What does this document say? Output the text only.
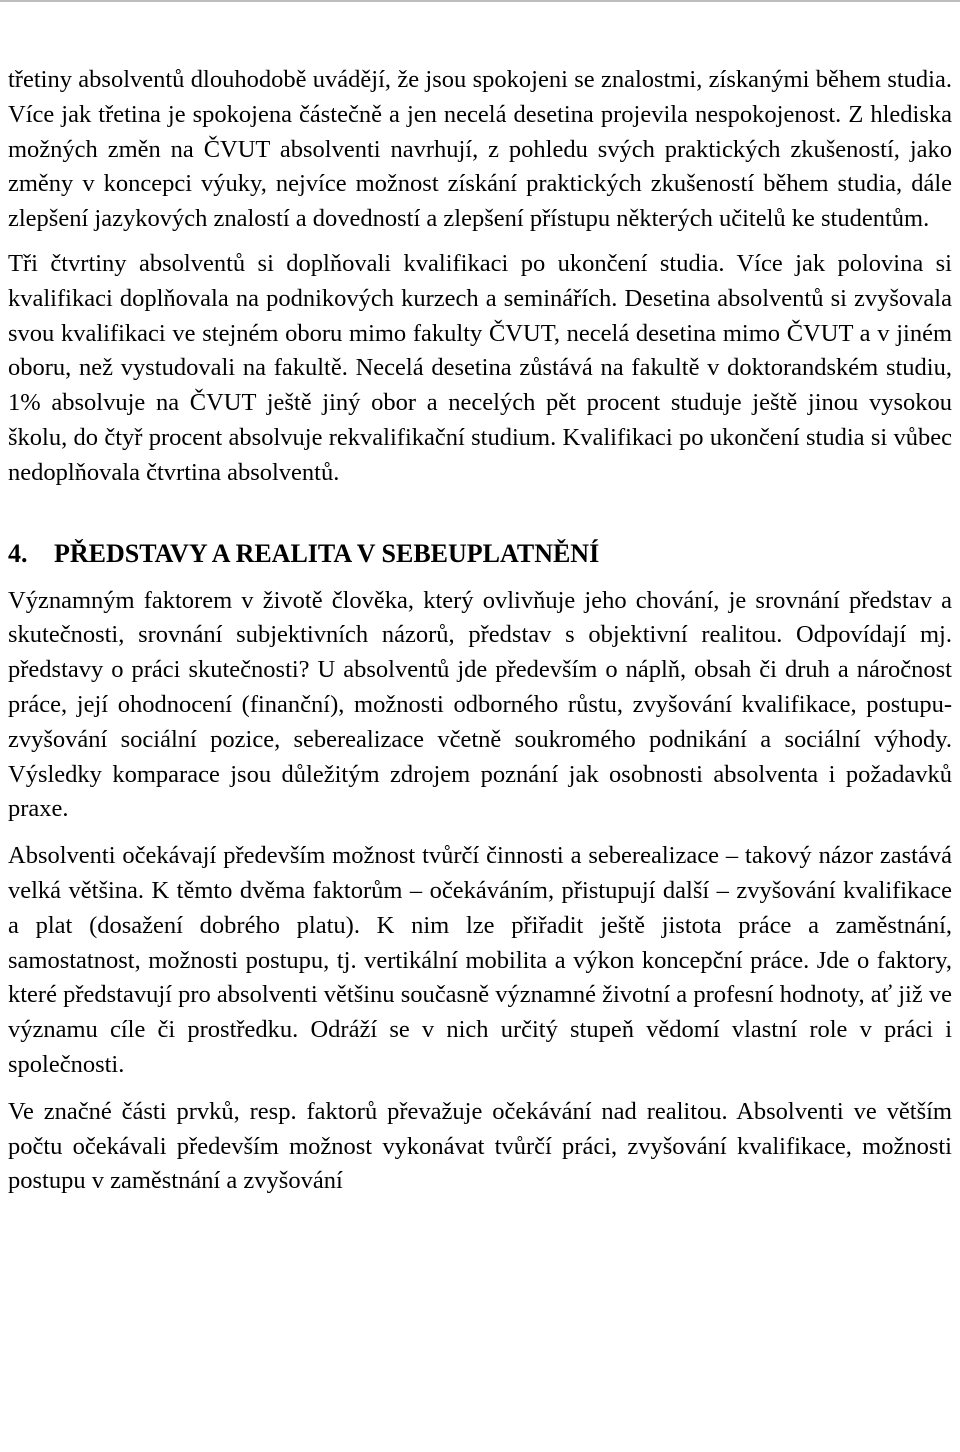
třetiny absolventů dlouhodobě uvádějí, že jsou spokojeni se znalostmi, získanými během studia. Více jak třetina je spokojena částečně a jen necelá desetina projevila nespokojenost. Z hlediska možných změn na ČVUT absolventi navrhují, z pohledu svých praktických zkušeností, jako změny v koncepci výuky, nejvíce možnost získání praktických zkušeností během studia, dále zlepšení jazykových znalostí a dovedností a zlepšení přístupu některých učitelů ke studentům.

Tři čtvrtiny absolventů si doplňovali kvalifikaci po ukončení studia. Více jak polovina si kvalifikaci doplňovala na podnikových kurzech a seminářích. Desetina absolventů si zvyšovala svou kvalifikaci ve stejném oboru mimo fakulty ČVUT, necelá desetina mimo ČVUT a v jiném oboru, než vystudovali na fakultě. Necelá desetina zůstává na fakultě v doktorandském studiu, 1% absolvuje na ČVUT ještě jiný obor a necelých pět procent studuje ještě jinou vysokou školu, do čtyř procent absolvuje rekvalifikační studium. Kvalifikaci po ukončení studia si vůbec nedoplňovala čtvrtina absolventů.

4.	PŘEDSTAVY A REALITA V SEBEUPLATNĚNÍ

Významným faktorem v životě člověka, který ovlivňuje jeho chování, je srovnání představ a skutečnosti, srovnání subjektivních názorů, představ s objektivní realitou. Odpovídají mj. představy o práci skutečnosti? U absolventů jde především o náplň, obsah či druh a náročnost práce, její ohodnocení (finanční), možnosti odborného růstu, zvyšování kvalifikace, postupu-zvyšování sociální pozice, seberealizace včetně soukromého podnikání a sociální výhody. Výsledky komparace jsou důležitým zdrojem poznání jak osobnosti absolventa i požadavků praxe.

Absolventi očekávají především možnost tvůrčí činnosti a seberealizace – takový názor zastává velká většina. K těmto dvěma faktorům – očekáváním, přistupují další – zvyšování kvalifikace a plat (dosažení dobrého platu). K nim lze přiřadit ještě jistota práce a zaměstnání, samostatnost, možnosti postupu, tj. vertikální mobilita a výkon koncepční práce. Jde o faktory, které představují pro absolventi většinu současně významné životní a profesní hodnoty, ať již ve významu cíle či prostředku. Odráží se v nich určitý stupeň vědomí vlastní role v práci i společnosti.

Ve značné části prvků, resp. faktorů převažuje očekávání nad realitou. Absolventi ve větším počtu očekávali především možnost vykonávat tvůrčí práci, zvyšování kvalifikace, možnosti postupu v zaměstnání a zvyšování
